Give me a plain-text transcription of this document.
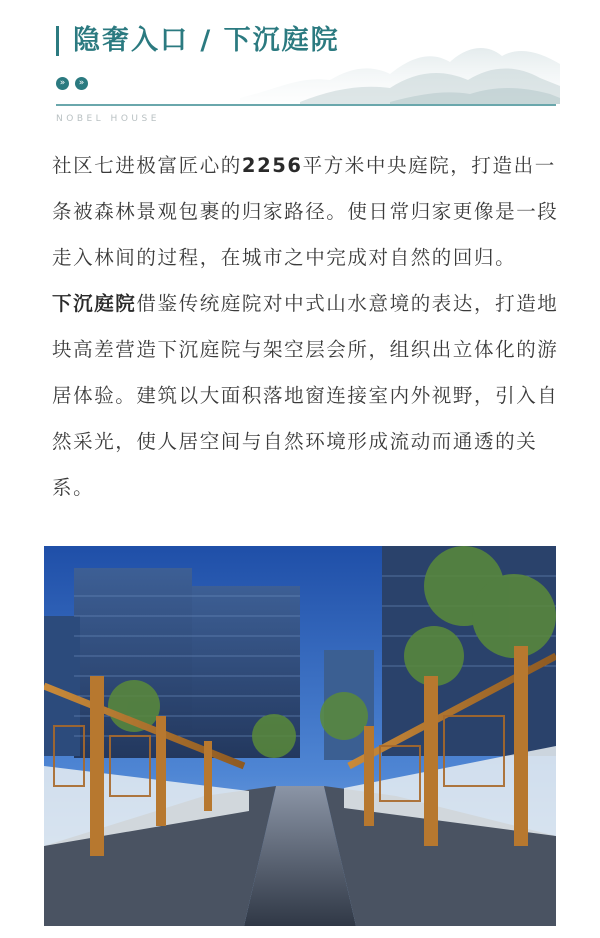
隐奢入口 / 下沉庭院
»	»
NOBEL HOUSE

社区七进极富匠心的2256平方米中央庭院，打造出一条被森林景观包裹的归家路径。使日常归家更像是一段走入林间的过程，在城市之中完成对自然的回归。

下沉庭院借鉴传统庭院对中式山水意境的表达，打造地块高差营造下沉庭院与架空层会所，组织出立体化的游居体验。建筑以大面积落地窗连接室内外视野，引入自然采光，使人居空间与自然环境形成流动而通透的关系。
